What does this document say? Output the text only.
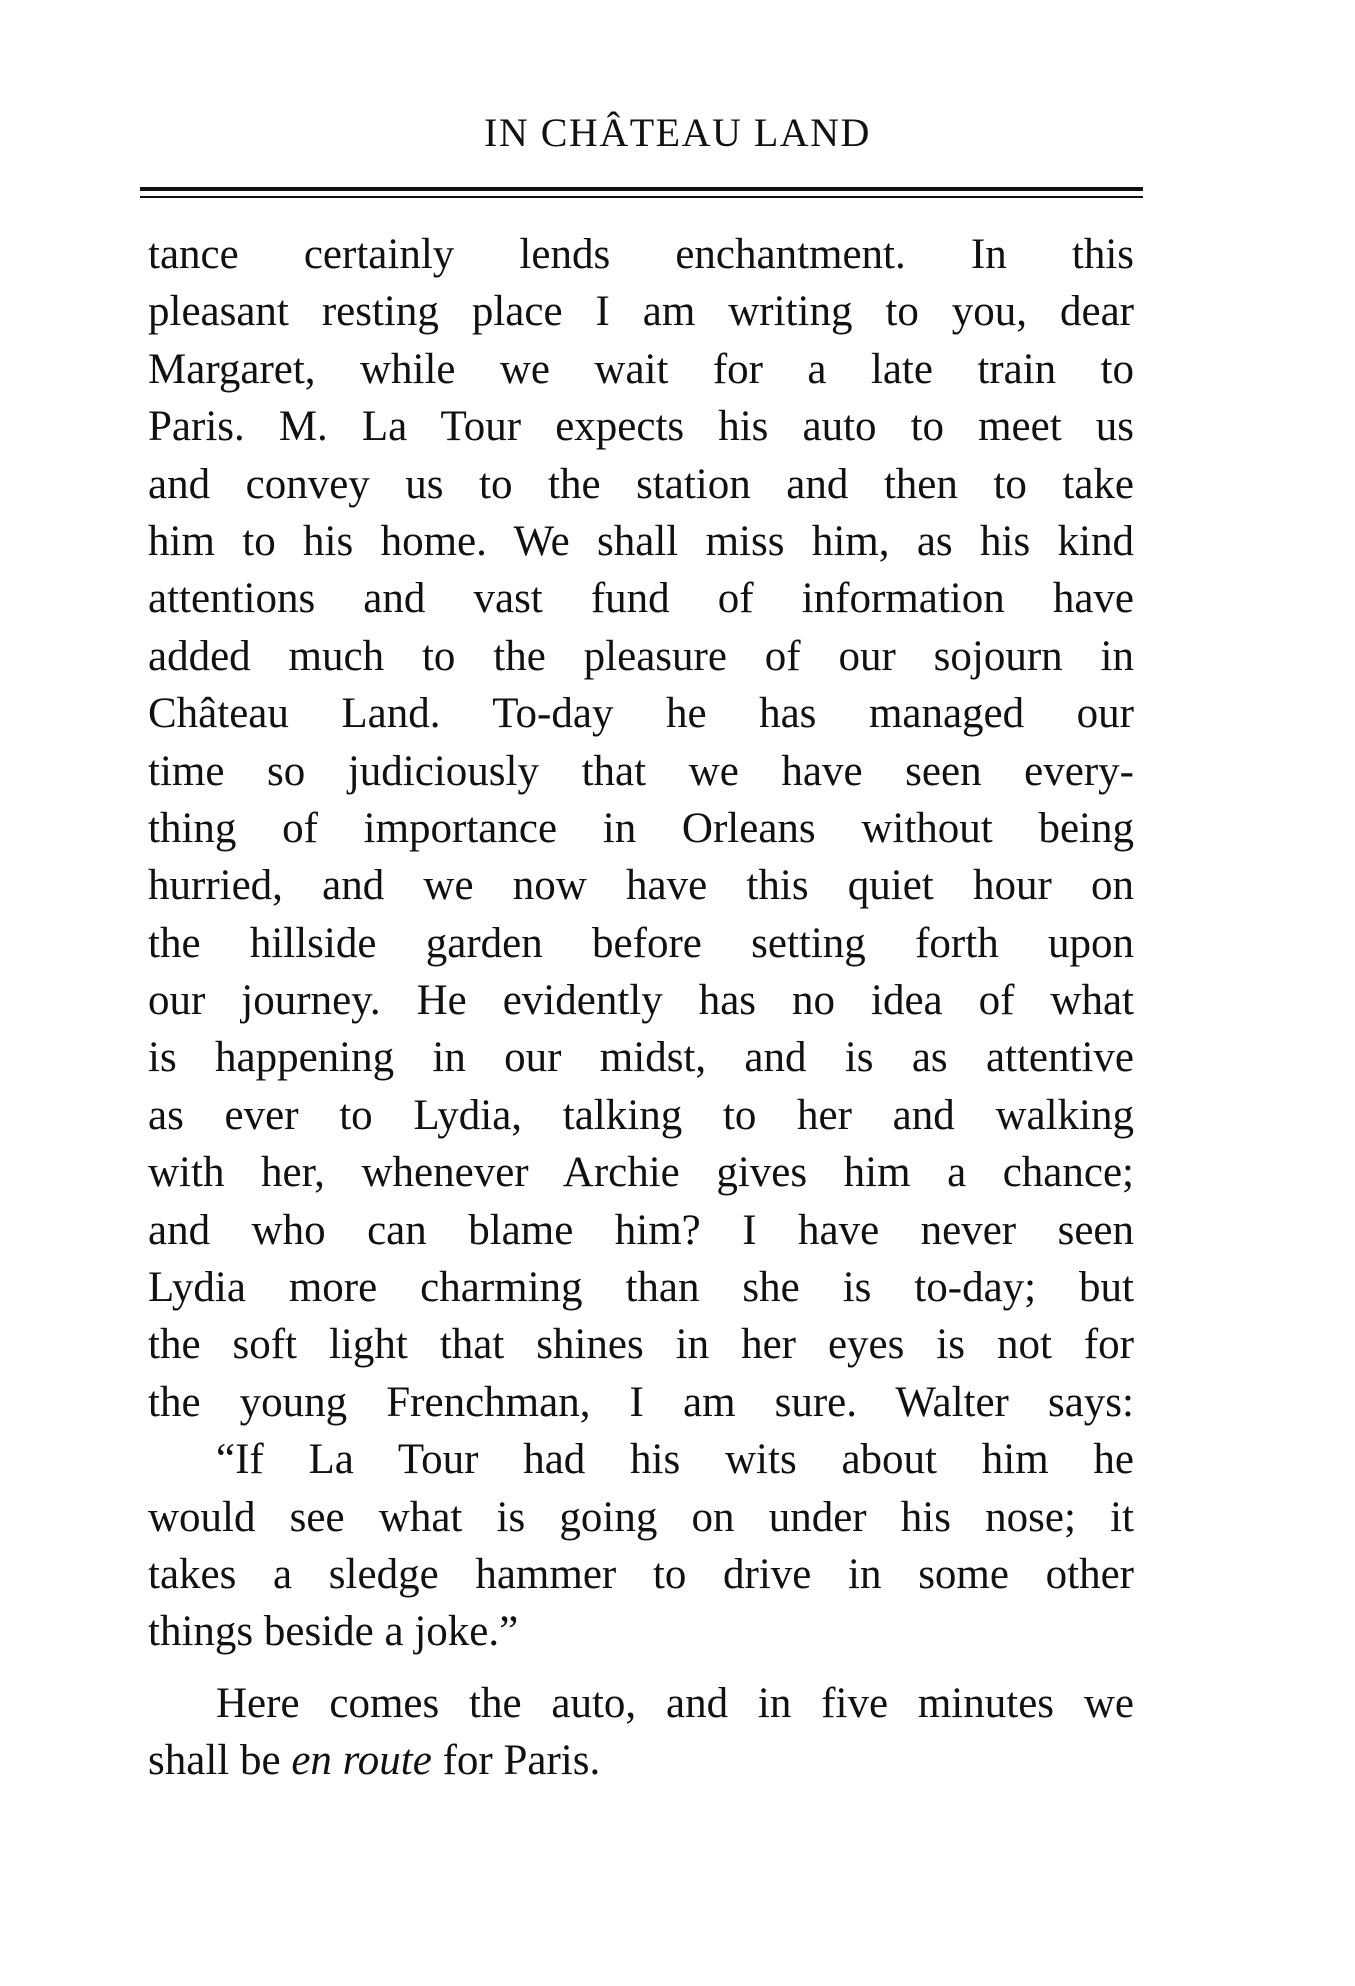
IN CHÂTEAU LAND
tance certainly lends enchantment. In this
pleasant resting place I am writing to you, dear
Margaret, while we wait for a late train to
Paris. M. La Tour expects his auto to meet us
and convey us to the station and then to take
him to his home. We shall miss him, as his kind
attentions and vast fund of information have
added much to the pleasure of our sojourn in
Château Land. To-day he has managed our
time so judiciously that we have seen every-
thing of importance in Orleans without being
hurried, and we now have this quiet hour on
the hillside garden before setting forth upon
our journey. He evidently has no idea of what
is happening in our midst, and is as attentive
as ever to Lydia, talking to her and walking
with her, whenever Archie gives him a chance;
and who can blame him? I have never seen
Lydia more charming than she is to-day; but
the soft light that shines in her eyes is not for
the young Frenchman, I am sure. Walter says:
“If La Tour had his wits about him he
would see what is going on under his nose; it
takes a sledge hammer to drive in some other
things beside a joke.”
Here comes the auto, and in five minutes we
shall be en route for Paris.
